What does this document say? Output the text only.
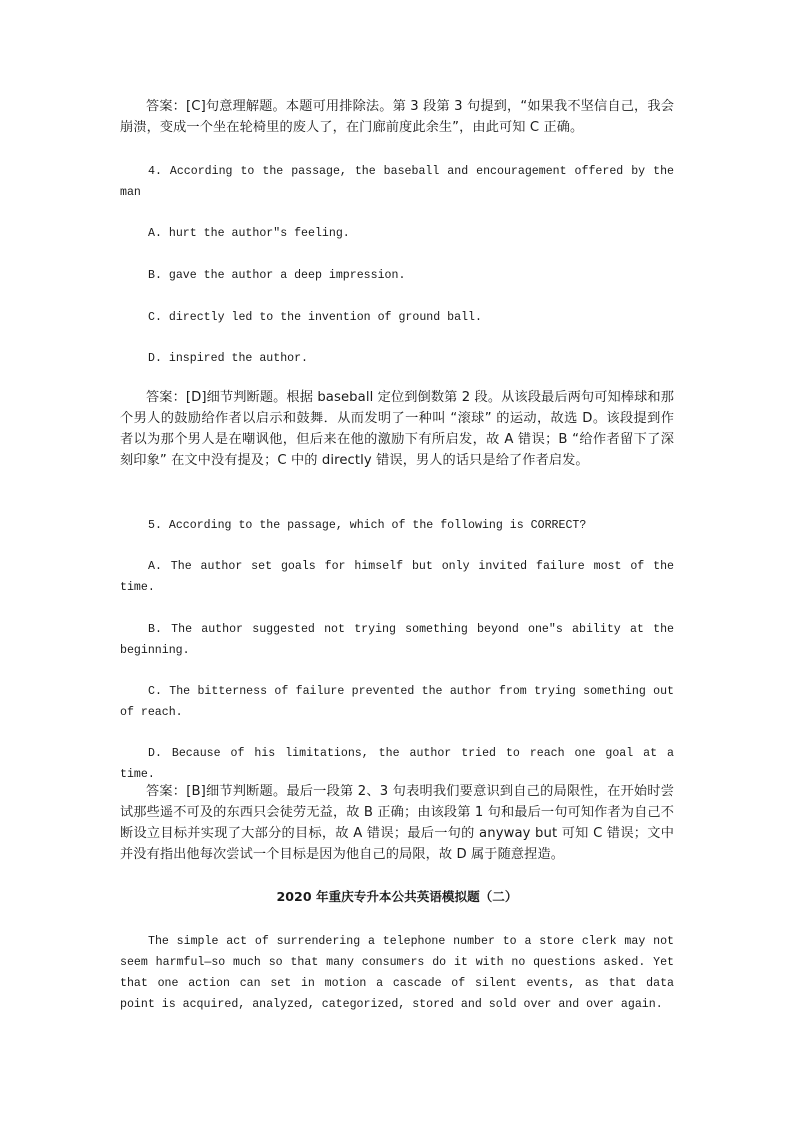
答案：[C]句意理解题。本题可用排除法。第 3 段第 3 句提到，“如果我不坚信自己，我会崩溃，变成一个坐在轮椅里的废人了，在门廊前度此余生”，由此可知 C 正确。

4. According to the passage, the baseball and encouragement offered by the man

A. hurt the author″s feeling.

B. gave the author a deep impression.

C. directly led to the invention of ground ball.

D. inspired the author.

答案：[D]细节判断题。根据 baseball 定位到倒数第 2 段。从该段最后两句可知棒球和那个男人的鼓励给作者以启示和鼓舞．从而发明了一种叫 “滚球” 的运动，故选 D。该段提到作者以为那个男人是在嘲讽他，但后来在他的激励下有所启发，故 A 错误；B “给作者留下了深刻印象” 在文中没有提及；C 中的 directly 错误，男人的话只是给了作者启发。

5. According to the passage, which of the following is CORRECT?

A. The author set goals for himself but only invited failure most of the time.

B. The author suggested not trying something beyond one″s ability at the beginning.

C. The bitterness of failure prevented the author from trying something out of reach.

D. Because of his limitations, the author tried to reach one goal at a time.

答案：[B]细节判断题。最后一段第 2、3 句表明我们要意识到自己的局限性，在开始时尝试那些遥不可及的东西只会徒劳无益，故 B 正确；由该段第 1 句和最后一句可知作者为自己不断设立目标并实现了大部分的目标，故 A 错误；最后一句的 anyway but 可知 C 错误；文中并没有指出他每次尝试一个目标是因为他自己的局限，故 D 属于随意捏造。

2020 年重庆专升本公共英语模拟题（二）

The simple act of surrendering a telephone number to a store clerk may not seem harmful—so much so that many consumers do it with no questions asked. Yet that one action can set in motion a cascade of silent events, as that data point is acquired, analyzed, categorized, stored and sold over and over again.
